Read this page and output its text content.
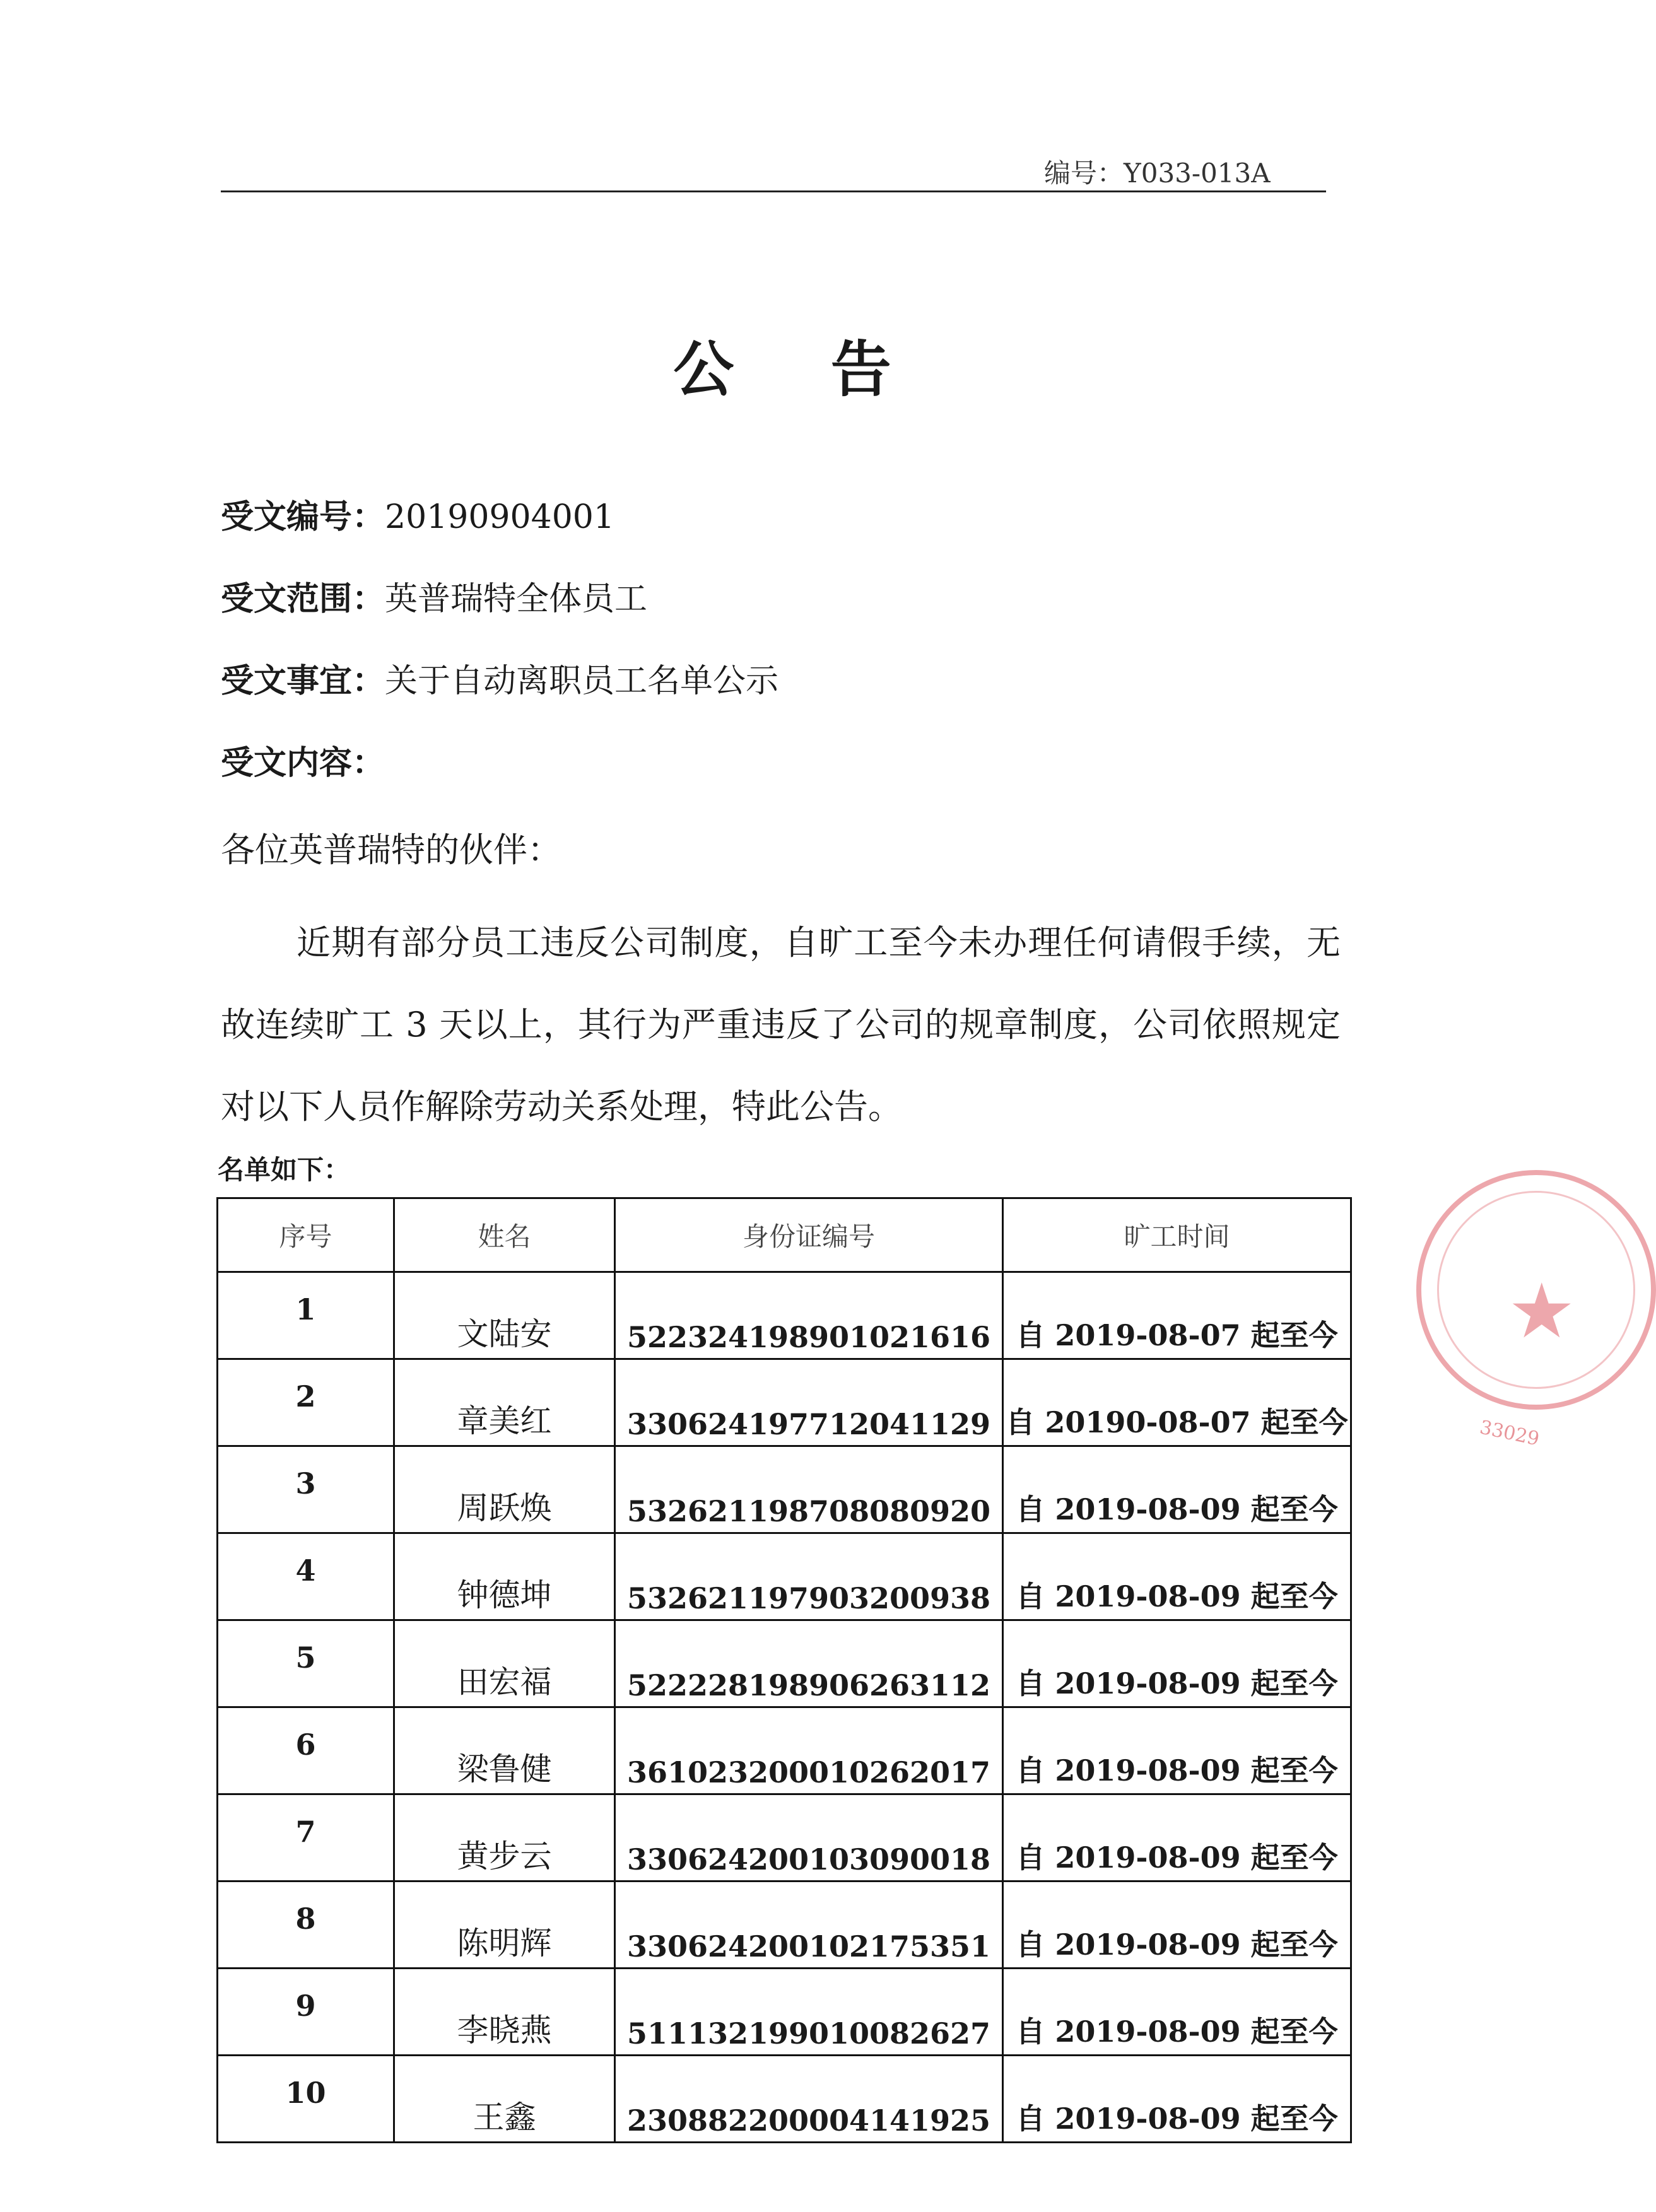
编号：Y033-013A
公 告
受文编号：20190904001
受文范围：英普瑞特全体员工
受文事宜：关于自动离职员工名单公示
受文内容：
各位英普瑞特的伙伴：
近期有部分员工违反公司制度，自旷工至今未办理任何请假手续，无故连续旷工 3 天以上，其行为严重违反了公司的规章制度，公司依照规定对以下人员作解除劳动关系处理，特此公告。
名单如下：
序号	姓名	身份证编号	旷工时间
1	文陆安	522324198901021616	自 2019-08-07 起至今
2	章美红	330624197712041129	自 20190-08-07 起至今
3	周跃焕	532621198708080920	自 2019-08-09 起至今
4	钟德坤	532621197903200938	自 2019-08-09 起至今
5	田宏福	522228198906263112	自 2019-08-09 起至今
6	梁鲁健	361023200010262017	自 2019-08-09 起至今
7	黄步云	330624200103090018	自 2019-08-09 起至今
8	陈明辉	330624200102175351	自 2019-08-09 起至今
9	李晓燕	511132199010082627	自 2019-08-09 起至今
10	王鑫	230882200004141925	自 2019-08-09 起至今
★
33029
